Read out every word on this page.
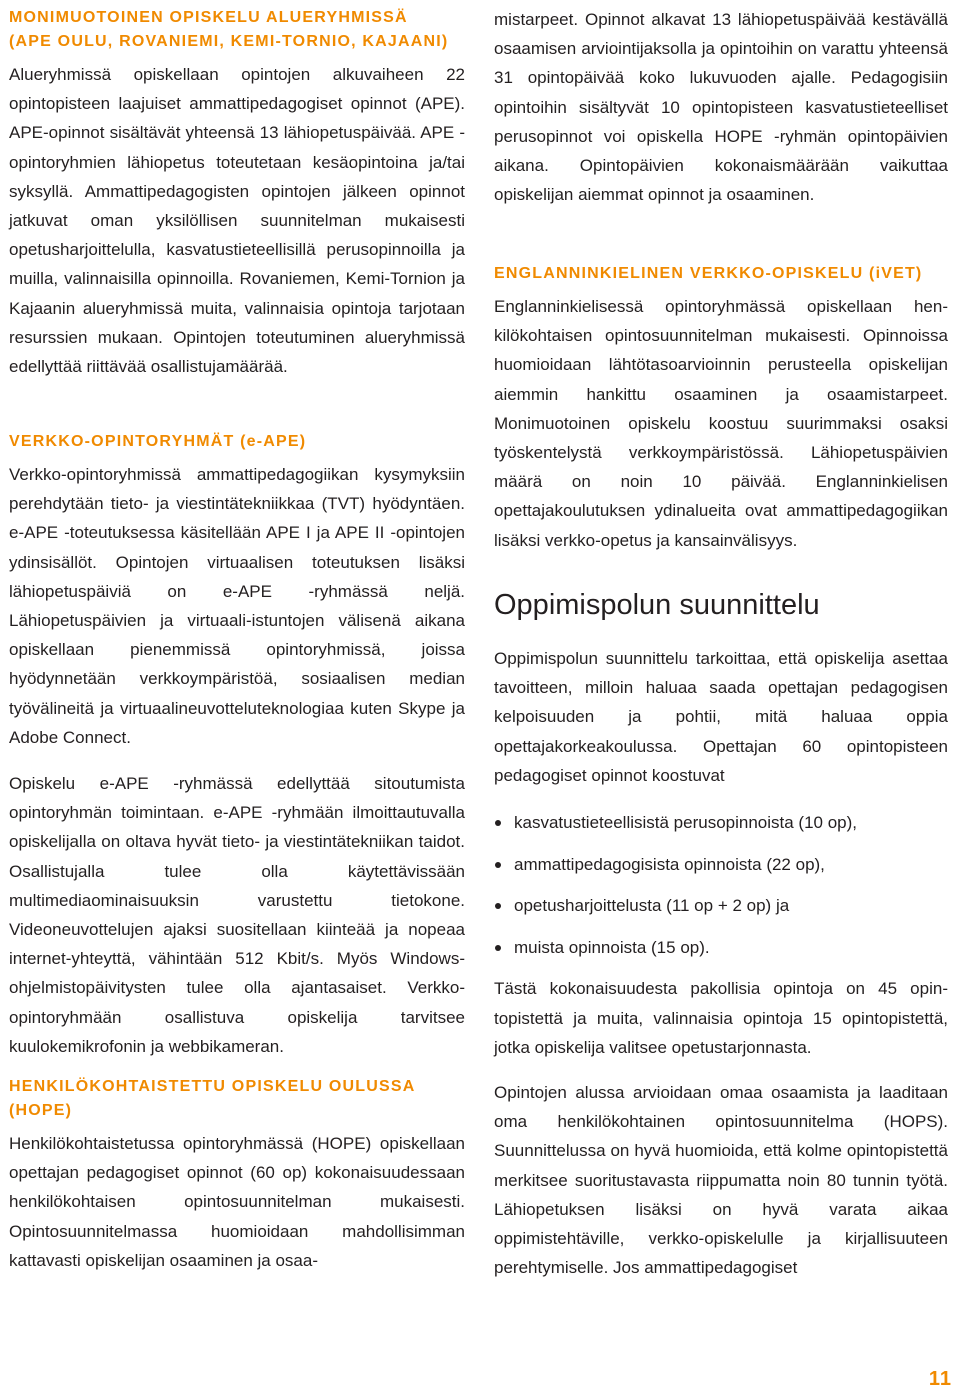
MONIMUOTOINEN OPISKELU ALUERYHMISSÄ
(APE OULU, ROVANIEMI, KEMI-TORNIO, KAJAANI)

Alueryhmissä opiskellaan opintojen alkuvaiheen 22 opintopisteen laajuiset ammattipedagogiset opinnot (APE). APE-opinnot sisältävät yhteensä 13 lähiopetuspäivää. APE -opintoryhmien lähiopetus toteutetaan kesäopintoina ja/tai syksyllä. Ammattipedagogisten opintojen jälkeen opinnot jatkuvat oman yksilöllisen suunnitelman mukaisesti opetusharjoittelulla, kasvatustieteellisillä perusopinnoilla ja muilla, valinnaisilla opinnoilla. Rovaniemen, Kemi-Tornion ja Kajaanin alueryhmissä muita, valinnaisia opintoja tarjotaan resurssien mukaan. Opintojen toteutuminen alueryhmissä edellyttää riittävää osallistujamäärää.

VERKKO-OPINTORYHMÄT (e-APE)

Verkko-opintoryhmissä ammattipedagogiikan kysymyksiin perehdytään tieto- ja viestintätekniikkaa (TVT) hyödyntäen. e-APE -toteutuksessa käsitellään APE I ja APE II -opintojen ydinsisällöt. Opintojen virtuaalisen toteutuksen lisäksi lähiopetuspäiviä on e-APE -ryhmässä neljä. Lähiopetuspäivien ja virtuaali-istuntojen välisenä aikana opiskellaan pienemmissä opintoryhmissä, joissa hyödynnetään verkkoympäristöä, sosiaalisen median työvälineitä ja virtuaalineuvotteluteknologiaa kuten Skype ja Adobe Connect.

Opiskelu e-APE -ryhmässä edellyttää sitoutumista opintoryhmän toimintaan. e-APE -ryhmään ilmoittautuvalla opiskelijalla on oltava hyvät tieto- ja viestintätekniikan taidot. Osallistujalla tulee olla käytettävissään multimediaominaisuuksin varustettu tietokone. Videoneuvottelujen ajaksi suositellaan kiinteää ja nopeaa internet-yhteyttä, vähintään 512 Kbit/s. Myös Windows-ohjelmistopäivitysten tulee olla ajantasaiset. Verkko-opintoryhmään osallistuva opiskelija tarvitsee kuulokemikrofonin ja webbikameran.

HENKILÖKOHTAISTETTU OPISKELU OULUSSA
(HOPE)

Henkilökohtaistetussa opintoryhmässä (HOPE) opiskellaan opettajan pedagogiset opinnot (60 op) kokonaisuudessaan henkilökohtaisen opintosuunnitelman mukaisesti. Opintosuunnitelmassa huomioidaan mahdollisimman kattavasti opiskelijan osaaminen ja osaa-

mistarpeet. Opinnot alkavat 13 lähiopetuspäivää kestävällä osaamisen arviointijaksolla ja opintoihin on varattu yhteensä 31 opintopäivää koko lukuvuoden ajalle. Pedagogisiin opintoihin sisältyvät 10 opintopisteen kasvatustieteelliset perusopinnot voi opiskella HOPE -ryhmän opintopäivien aikana. Opintopäivien kokonaismäärään vaikuttaa opiskelijan aiemmat opinnot ja osaaminen.

ENGLANNINKIELINEN VERKKO-OPISKELU (iVET)

Englanninkielisessä opintoryhmässä opiskellaan henkilökohtaisen opintosuunnitelman mukaisesti. Opinnoissa huomioidaan lähtötasoarvioinnin perusteella opiskelijan aiemmin hankittu osaaminen ja osaamistarpeet. Monimuotoinen opiskelu koostuu suurimmaksi osaksi työskentelystä verkkoympäristössä. Lähiopetuspäivien määrä on noin 10 päivää. Englanninkielisen opettajakoulutuksen ydinalueita ovat ammattipedagogiikan lisäksi verkko-opetus ja kansainvälisyys.

Oppimispolun suunnittelu

Oppimispolun suunnittelu tarkoittaa, että opiskelija asettaa tavoitteen, milloin haluaa saada opettajan pedagogisen kelpoisuuden ja pohtii, mitä haluaa oppia opettajakorkeakoulussa. Opettajan 60 opintopisteen pedagogiset opinnot koostuvat

kasvatustieteellisistä perusopinnoista (10 op),
ammattipedagogisista opinnoista (22 op),
opetusharjoittelusta (11 op + 2 op) ja
muista opinnoista (15 op).

Tästä kokonaisuudesta pakollisia opintoja on 45 opintopistettä ja muita, valinnaisia opintoja 15 opintopistettä, jotka opiskelija valitsee opetustarjonnasta.

Opintojen alussa arvioidaan omaa osaamista ja laaditaan oma henkilökohtainen opintosuunnitelma (HOPS). Suunnittelussa on hyvä huomioida, että kolme opintopistettä merkitsee suoritustavasta riippumatta noin 80 tunnin työtä. Lähiopetuksen lisäksi on hyvä varata aikaa oppimistehtäville, verkko-opiskelulle ja kirjallisuuteen perehtymiselle. Jos ammattipedagogiset

11
